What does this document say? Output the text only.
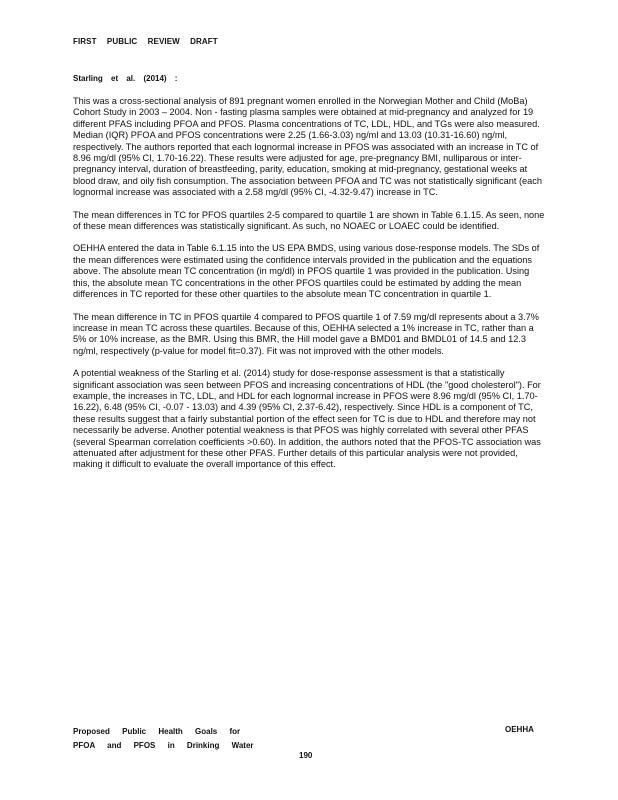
FIRST PUBLIC REVIEW DRAFT
Starling et al. (2014) :

This was a cross-sectional analysis of 891 pregnant women enrolled in the Norwegian Mother and Child (MoBa) Cohort Study in 2003 – 2004. Non - fasting plasma samples were obtained at mid-pregnancy and analyzed for 19 different PFAS including PFOA and PFOS. Plasma concentrations of TC, LDL, HDL, and TGs were also measured. Median (IQR) PFOA and PFOS concentrations were 2.25 (1.66-3.03) ng/ml and 13.03 (10.31-16.60) ng/ml, respectively. The authors reported that each lognormal increase in PFOS was associated with an increase in TC of 8.96 mg/dl (95% CI, 1.70-16.22). These results were adjusted for age, pre-pregnancy BMI, nulliparous or inter-pregnancy interval, duration of breastfeeding, parity, education, smoking at mid-pregnancy, gestational weeks at blood draw, and oily fish consumption. The association between PFOA and TC was not statistically significant (each lognormal increase was associated with a 2.58 mg/dl (95% CI, -4.32-9.47) increase in TC.

The mean differences in TC for PFOS quartiles 2-5 compared to quartile 1 are shown in Table 6.1.15. As seen, none of these mean differences was statistically significant. As such, no NOAEC or LOAEC could be identified.

OEHHA entered the data in Table 6.1.15 into the US EPA BMDS, using various dose-response models. The SDs of the mean differences were estimated using the confidence intervals provided in the publication and the equations above. The absolute mean TC concentration (in mg/dl) in PFOS quartile 1 was provided in the publication. Using this, the absolute mean TC concentrations in the other PFOS quartiles could be estimated by adding the mean differences in TC reported for these other quartiles to the absolute mean TC concentration in quartile 1.

The mean difference in TC in PFOS quartile 4 compared to PFOS quartile 1 of 7.59 mg/dl represents about a 3.7% increase in mean TC across these quartiles. Because of this, OEHHA selected a 1% increase in TC, rather than a 5% or 10% increase, as the BMR. Using this BMR, the Hill model gave a BMD01 and BMDL01 of 14.5 and 12.3 ng/ml, respectively (p-value for model fit=0.37). Fit was not improved with the other models.

A potential weakness of the Starling et al. (2014) study for dose-response assessment is that a statistically significant association was seen between PFOS and increasing concentrations of HDL (the "good cholesterol"). For example, the increases in TC, LDL, and HDL for each lognormal increase in PFOS were 8.96 mg/dl (95% CI, 1.70-16.22), 6.48 (95% CI, -0.07 - 13.03) and 4.39 (95% CI, 2.37-6.42), respectively. Since HDL is a component of TC, these results suggest that a fairly substantial portion of the effect seen for TC is due to HDL and therefore may not necessarily be adverse. Another potential weakness is that PFOS was highly correlated with several other PFAS (several Spearman correlation coefficients >0.60). In addition, the authors noted that the PFOS-TC association was attenuated after adjustment for these other PFAS. Further details of this particular analysis were not provided, making it difficult to evaluate the overall importance of this effect.

Proposed Public Health Goals for
PFOA and PFOS in Drinking Water
OEHHA
190
